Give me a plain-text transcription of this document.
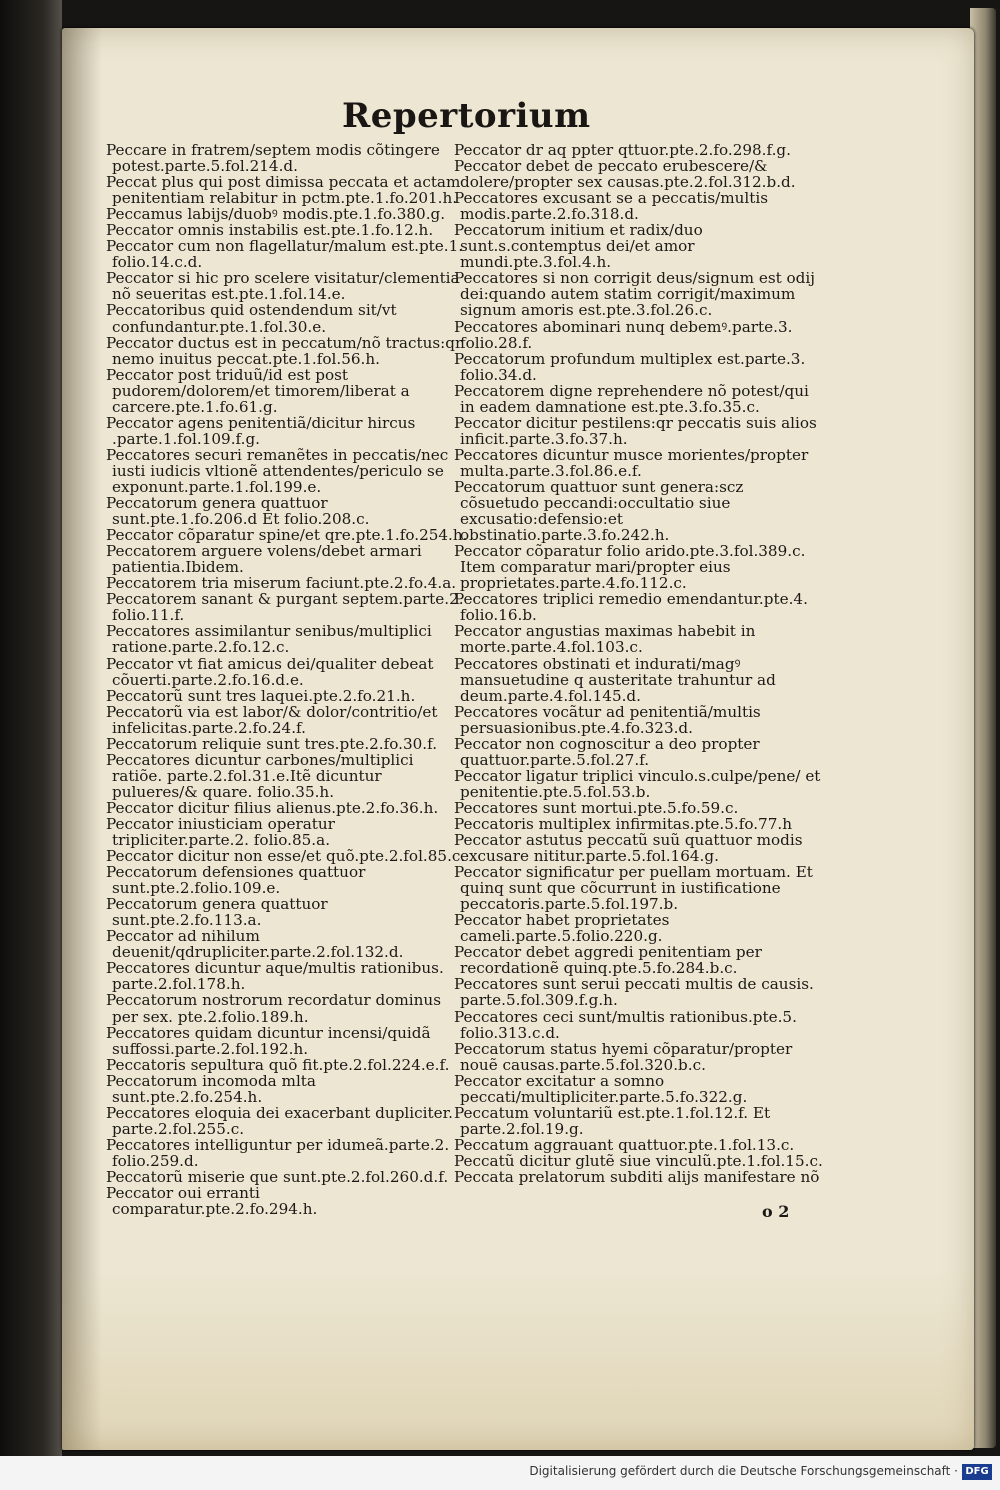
Repertorium
Peccare in fratrem/septem modis cõtingere potest.parte.5.fol.214.d.
Peccat plus qui post dimissa peccata et actam penitentiam relabitur in pctm.pte.1.fo.201.h.
Peccamus labijs/duobꝰ modis.pte.1.fo.380.g.
Peccator omnis instabilis est.pte.1.fo.12.h.
Peccator cum non flagellatur/malum est.pte.1. folio.14.c.d.
Peccator si hic pro scelere visitatur/clementia nõ seueritas est.pte.1.fol.14.e.
Peccatoribus quid ostendendum sit/vt confundantur.pte.1.fol.30.e.
Peccator ductus est in peccatum/nõ tractus:qr nemo inuitus peccat.pte.1.fol.56.h.
Peccator post triduũ/id est post pudorem/dolorem/et timorem/liberat a carcere.pte.1.fo.61.g.
Peccator agens penitentiã/dicitur hircus .parte.1.fol.109.f.g.
Peccatores securi remanẽtes in peccatis/nec iusti iudicis vltionẽ attendentes/periculo se exponunt.parte.1.fol.199.e.
Peccatorum genera quattuor sunt.pte.1.fo.206.d Et folio.208.c.
Peccator cõparatur spine/et qre.pte.1.fo.254.h.
Peccatorem arguere volens/debet armari patientia.Ibidem.
Peccatorem tria miserum faciunt.pte.2.fo.4.a.
Peccatorem sanant & purgant septem.parte.2. folio.11.f.
Peccatores assimilantur senibus/multiplici ratione.parte.2.fo.12.c.
Peccator vt fiat amicus dei/qualiter debeat cõuerti.parte.2.fo.16.d.e.
Peccatorũ sunt tres laquei.pte.2.fo.21.h.
Peccatorũ via est labor/& dolor/contritio/et infelicitas.parte.2.fo.24.f.
Peccatorum reliquie sunt tres.pte.2.fo.30.f.
Peccatores dicuntur carbones/multiplici ratiõe. parte.2.fol.31.e.Itẽ dicuntur pulueres/& quare. folio.35.h.
Peccator dicitur filius alienus.pte.2.fo.36.h.
Peccator iniusticiam operatur tripliciter.parte.2. folio.85.a.
Peccator dicitur non esse/et quõ.pte.2.fol.85.c.
Peccatorum defensiones quattuor sunt.pte.2.folio.109.e.
Peccatorum genera quattuor sunt.pte.2.fo.113.a.
Peccator ad nihilum deuenit/qdrupliciter.parte.2.fol.132.d.
Peccatores dicuntur aque/multis rationibus. parte.2.fol.178.h.
Peccatorum nostrorum recordatur dominus per sex. pte.2.folio.189.h.
Peccatores quidam dicuntur incensi/quidã suffossi.parte.2.fol.192.h.
Peccatoris sepultura quõ fit.pte.2.fol.224.e.f.
Peccatorum incomoda mlta sunt.pte.2.fo.254.h.
Peccatores eloquia dei exacerbant dupliciter. parte.2.fol.255.c.
Peccatores intelliguntur per idumeã.parte.2. folio.259.d.
Peccatorũ miserie que sunt.pte.2.fol.260.d.f.
Peccator oui erranti comparatur.pte.2.fo.294.h.
Peccator dr aq ppter qttuor.pte.2.fo.298.f.g.
Peccator debet de peccato erubescere/& dolere/propter sex causas.pte.2.fol.312.b.d.
Peccatores excusant se a peccatis/multis modis.parte.2.fo.318.d.
Peccatorum initium et radix/duo sunt.s.contemptus dei/et amor mundi.pte.3.fol.4.h.
Peccatores si non corrigit deus/signum est odij dei:quando autem statim corrigit/maximum signum amoris est.pte.3.fol.26.c.
Peccatores abominari nunq debemꝰ.parte.3. folio.28.f.
Peccatorum profundum multiplex est.parte.3. folio.34.d.
Peccatorem digne reprehendere nõ potest/qui in eadem damnatione est.pte.3.fo.35.c.
Peccator dicitur pestilens:qr peccatis suis alios inficit.parte.3.fo.37.h.
Peccatores dicuntur musce morientes/propter multa.parte.3.fol.86.e.f.
Peccatorum quattuor sunt genera:scz cõsuetudo peccandi:occultatio siue excusatio:defensio:et obstinatio.parte.3.fo.242.h.
Peccator cõparatur folio arido.pte.3.fol.389.c. Item comparatur mari/propter eius proprietates.parte.4.fo.112.c.
Peccatores triplici remedio emendantur.pte.4. folio.16.b.
Peccator angustias maximas habebit in morte.parte.4.fol.103.c.
Peccatores obstinati et indurati/magꝰ mansuetudine q austeritate trahuntur ad deum.parte.4.fol.145.d.
Peccatores vocãtur ad penitentiã/multis persuasionibus.pte.4.fo.323.d.
Peccator non cognoscitur a deo propter quattuor.parte.5.fol.27.f.
Peccator ligatur triplici vinculo.s.culpe/pene/ et penitentie.pte.5.fol.53.b.
Peccatores sunt mortui.pte.5.fo.59.c.
Peccatoris multiplex infirmitas.pte.5.fo.77.h
Peccator astutus peccatũ suũ quattuor modis excusare nititur.parte.5.fol.164.g.
Peccator significatur per puellam mortuam. Et quinq sunt que cõcurrunt in iustificatione peccatoris.parte.5.fol.197.b.
Peccator habet proprietates cameli.parte.5.folio.220.g.
Peccator debet aggredi penitentiam per recordationẽ quinq.pte.5.fo.284.b.c.
Peccatores sunt serui peccati multis de causis. parte.5.fol.309.f.g.h.
Peccatores ceci sunt/multis rationibus.pte.5. folio.313.c.d.
Peccatorum status hyemi cõparatur/propter nouẽ causas.parte.5.fol.320.b.c.
Peccator excitatur a somno peccati/multipliciter.parte.5.fo.322.g.
Peccatum voluntariũ est.pte.1.fol.12.f. Et parte.2.fol.19.g.
Peccatum aggrauant quattuor.pte.1.fol.13.c.
Peccatũ dicitur glutẽ siue vinculũ.pte.1.fol.15.c.
Peccata prelatorum subditi alijs manifestare nõ
o 2
Digitalisierung gefördert durch die Deutsche Forschungsgemeinschaft · DFG
